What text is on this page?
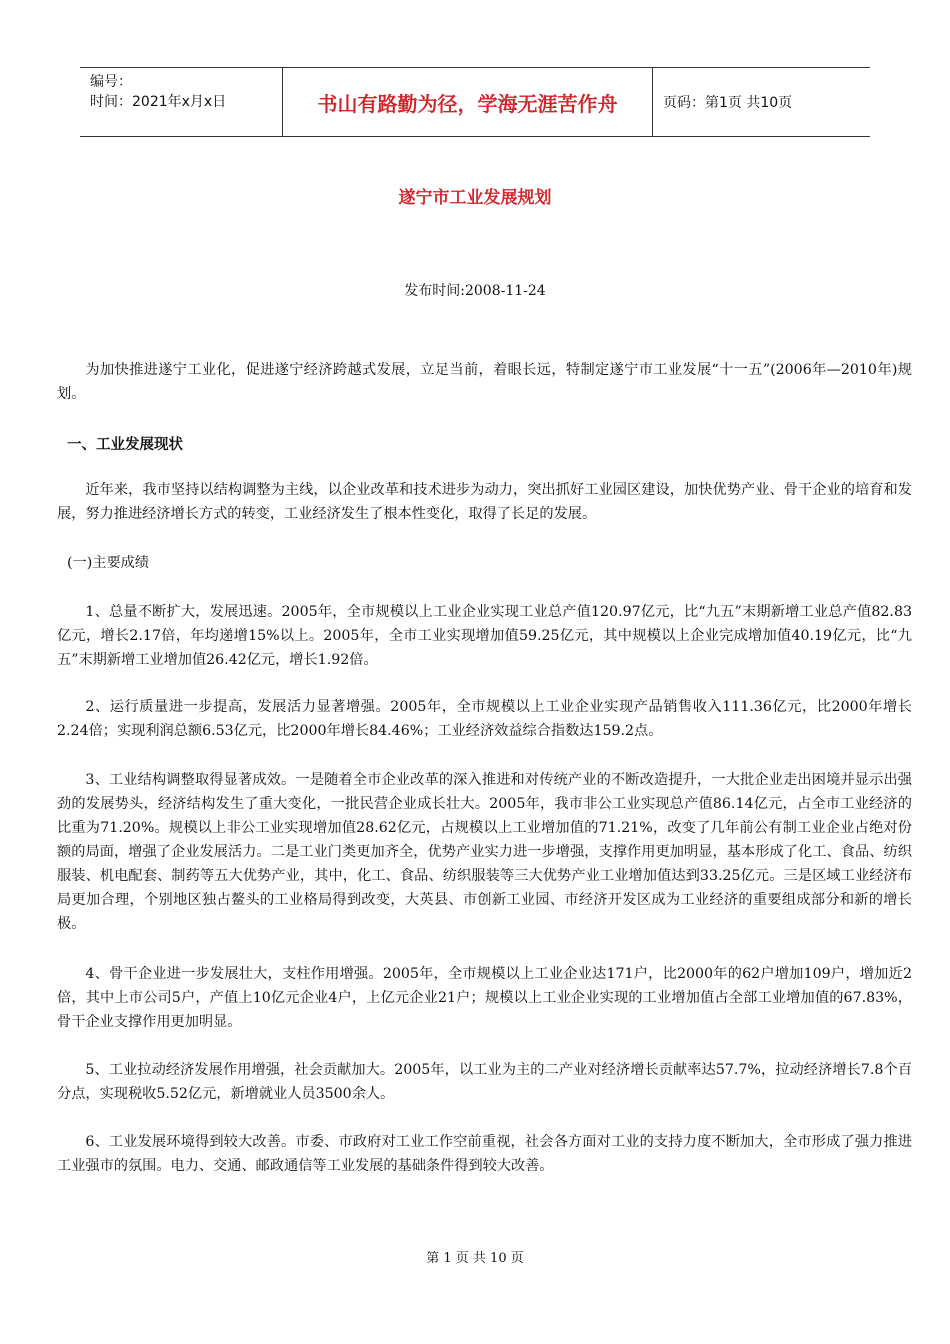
编号：
时间：2021年x月x日	书山有路勤为径，学海无涯苦作舟	页码：第1页 共10页
遂宁市工业发展规划
发布时间:2008-11-24

为加快推进遂宁工业化，促进遂宁经济跨越式发展，立足当前，着眼长远，特制定遂宁市工业发展“十一五”(2006年—2010年)规划。

一、工业发展现状

近年来，我市坚持以结构调整为主线，以企业改革和技术进步为动力，突出抓好工业园区建设，加快优势产业、骨干企业的培育和发展，努力推进经济增长方式的转变，工业经济发生了根本性变化，取得了长足的发展。

(一)主要成绩

1、总量不断扩大，发展迅速。2005年，全市规模以上工业企业实现工业总产值120.97亿元，比“九五”末期新增工业总产值82.83亿元，增长2.17倍，年均递增15%以上。2005年，全市工业实现增加值59.25亿元，其中规模以上企业完成增加值40.19亿元，比“九五”末期新增工业增加值26.42亿元，增长1.92倍。

2、运行质量进一步提高，发展活力显著增强。2005年，全市规模以上工业企业实现产品销售收入111.36亿元，比2000年增长2.24倍；实现利润总额6.53亿元，比2000年增长84.46%；工业经济效益综合指数达159.2点。

3、工业结构调整取得显著成效。一是随着全市企业改革的深入推进和对传统产业的不断改造提升，一大批企业走出困境并显示出强劲的发展势头，经济结构发生了重大变化，一批民营企业成长壮大。2005年，我市非公工业实现总产值86.14亿元，占全市工业经济的比重为71.20%。规模以上非公工业实现增加值28.62亿元，占规模以上工业增加值的71.21%，改变了几年前公有制工业企业占绝对份额的局面，增强了企业发展活力。二是工业门类更加齐全，优势产业实力进一步增强，支撑作用更加明显，基本形成了化工、食品、纺织服装、机电配套、制药等五大优势产业，其中，化工、食品、纺织服装等三大优势产业工业增加值达到33.25亿元。三是区域工业经济布局更加合理，个别地区独占鳌头的工业格局得到改变，大英县、市创新工业园、市经济开发区成为工业经济的重要组成部分和新的增长极。

4、骨干企业进一步发展壮大，支柱作用增强。2005年，全市规模以上工业企业达171户，比2000年的62户增加109户，增加近2倍，其中上市公司5户，产值上10亿元企业4户，上亿元企业21户；规模以上工业企业实现的工业增加值占全部工业增加值的67.83%，骨干企业支撑作用更加明显。

5、工业拉动经济发展作用增强，社会贡献加大。2005年，以工业为主的二产业对经济增长贡献率达57.7%，拉动经济增长7.8个百分点，实现税收5.52亿元，新增就业人员3500余人。

6、工业发展环境得到较大改善。市委、市政府对工业工作空前重视，社会各方面对工业的支持力度不断加大，全市形成了强力推进工业强市的氛围。电力、交通、邮政通信等工业发展的基础条件得到较大改善。

第 1 页 共 10 页
